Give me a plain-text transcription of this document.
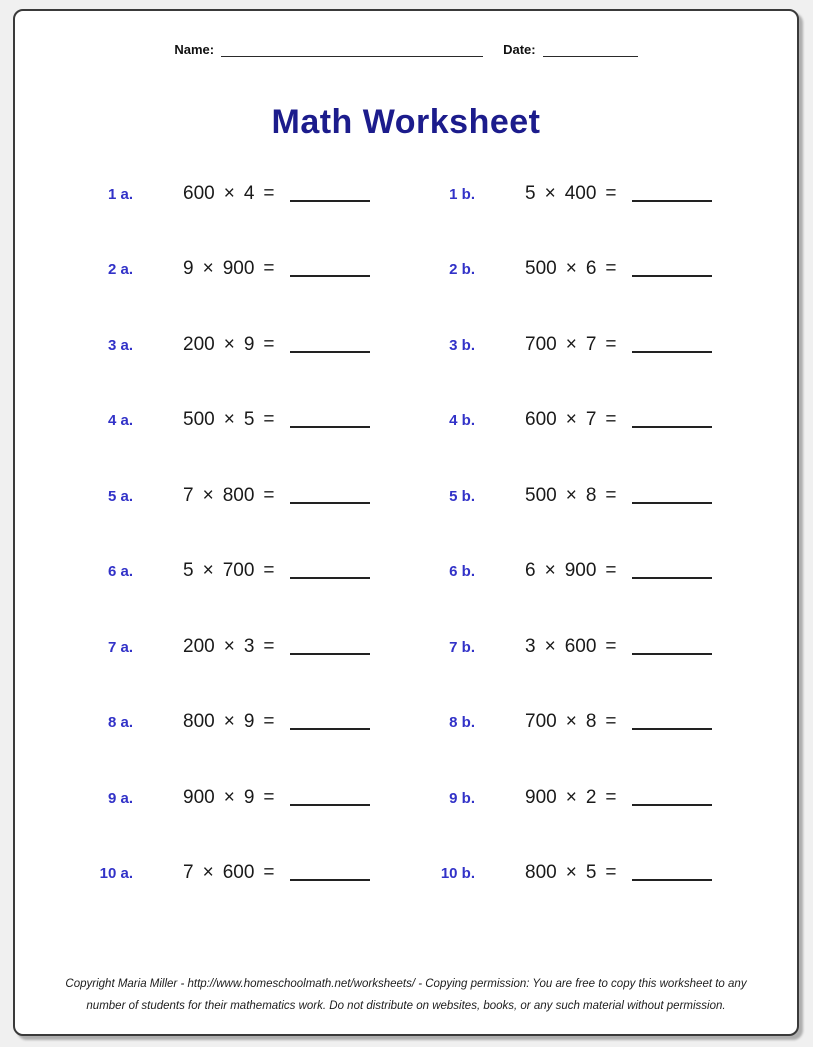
Name:	Date:
Math Worksheet
1 a.	600 × 4 =	1 b.	5 × 400 =
2 a.	9 × 900 =	2 b.	500 × 6 =
3 a.	200 × 9 =	3 b.	700 × 7 =
4 a.	500 × 5 =	4 b.	600 × 7 =
5 a.	7 × 800 =	5 b.	500 × 8 =
6 a.	5 × 700 =	6 b.	6 × 900 =
7 a.	200 × 3 =	7 b.	3 × 600 =
8 a.	800 × 9 =	8 b.	700 × 8 =
9 a.	900 × 9 =	9 b.	900 × 2 =
10 a.	7 × 600 =	10 b.	800 × 5 =
Copyright Maria Miller - http://www.homeschoolmath.net/worksheets/ - Copying permission: You are free to copy this worksheet to any
number of students for their mathematics work. Do not distribute on websites, books, or any such material without permission.
